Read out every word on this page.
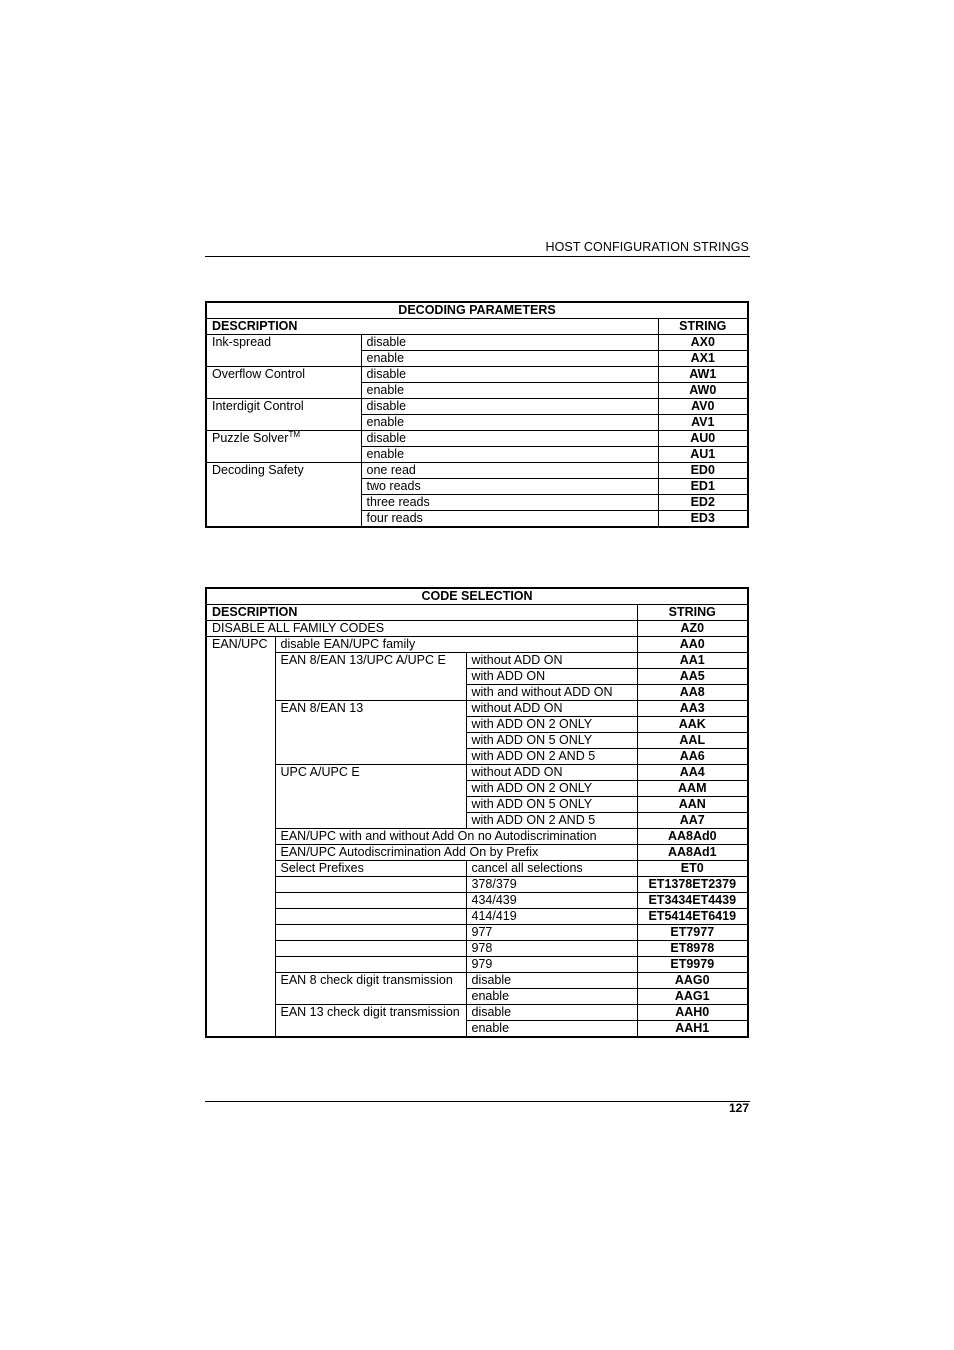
HOST CONFIGURATION STRINGS
DECODING PARAMETERS		
DESCRIPTION		STRING
Ink-spread	disable	AX0
	enable	AX1
Overflow Control	disable	AW1
	enable	AW0
Interdigit Control	disable	AV0
	enable	AV1
Puzzle Solver™	disable	AU0
	enable	AU1
Decoding Safety	one read	ED0
	two reads	ED1
	three reads	ED2
	four reads	ED3
CODE SELECTION			
DESCRIPTION			STRING
DISABLE ALL FAMILY CODES			AZ0
EAN/UPC	disable EAN/UPC family		AA0
	EAN 8/EAN 13/UPC A/UPC E	without ADD ON	AA1
		with ADD ON	AA5
		with and without ADD ON	AA8
	EAN 8/EAN 13	without ADD ON	AA3
		with ADD ON 2 ONLY	AAK
		with ADD ON 5 ONLY	AAL
		with ADD ON 2 AND 5	AA6
	UPC A/UPC E	without ADD ON	AA4
		with ADD ON 2 ONLY	AAM
		with ADD ON 5 ONLY	AAN
		with ADD ON 2 AND 5	AA7
	EAN/UPC with and without Add On no Autodiscrimination		AA8Ad0
	EAN/UPC Autodiscrimination Add On by Prefix		AA8Ad1
	Select Prefixes	cancel all selections	ET0
		378/379	ET1378ET2379
		434/439	ET3434ET4439
		414/419	ET5414ET6419
		977	ET7977
		978	ET8978
		979	ET9979
	EAN 8 check digit transmission	disable	AAG0
		enable	AAG1
	EAN 13 check digit transmission	disable	AAH0
		enable	AAH1
127
